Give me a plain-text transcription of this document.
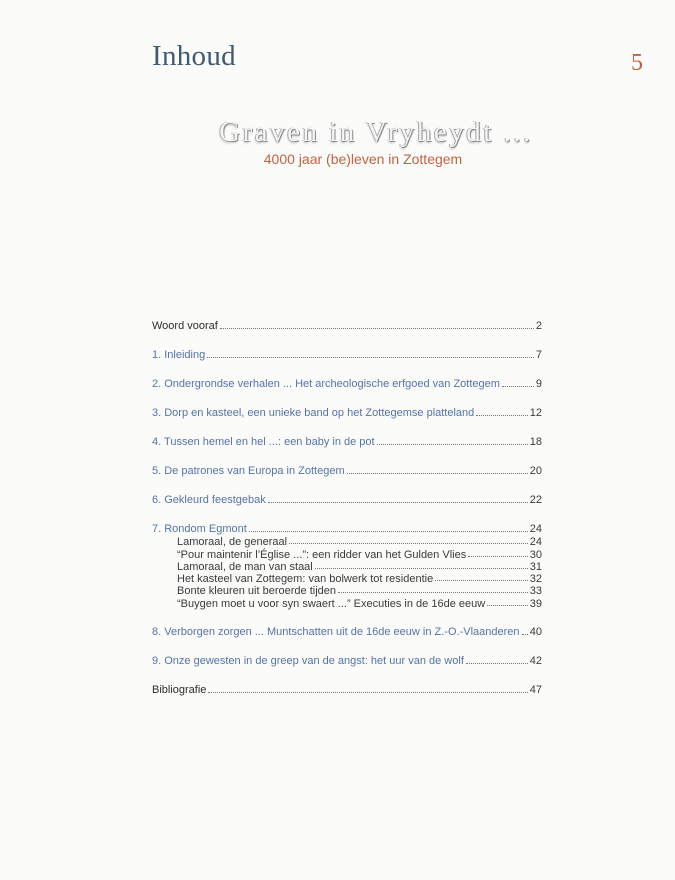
Inhoud	5
Graven in Vryheydt ...
4000 jaar (be)leven in Zottegem
Woord vooraf	2
1. Inleiding	7
2. Ondergrondse verhalen ... Het archeologische erfgoed van Zottegem	9
3. Dorp en kasteel, een unieke band op het Zottegemse platteland	12
4. Tussen hemel en hel ...: een baby in de pot	18
5. De patrones van Europa in Zottegem	20
6. Gekleurd feestgebak	22
7. Rondom Egmont	24
Lamoraal, de generaal	24
“Pour maintenir l’Église ...”: een ridder van het Gulden Vlies	30
Lamoraal, de man van staal	31
Het kasteel van Zottegem: van bolwerk tot residentie	32
Bonte kleuren uit beroerde tijden	33
“Buygen moet u voor syn swaert ...” Executies in de 16de eeuw	39
8. Verborgen zorgen ... Muntschatten uit de 16de eeuw in Z.-O.-Vlaanderen 40
9. Onze gewesten in de greep van de angst: het uur van de wolf	42
Bibliografie	47
